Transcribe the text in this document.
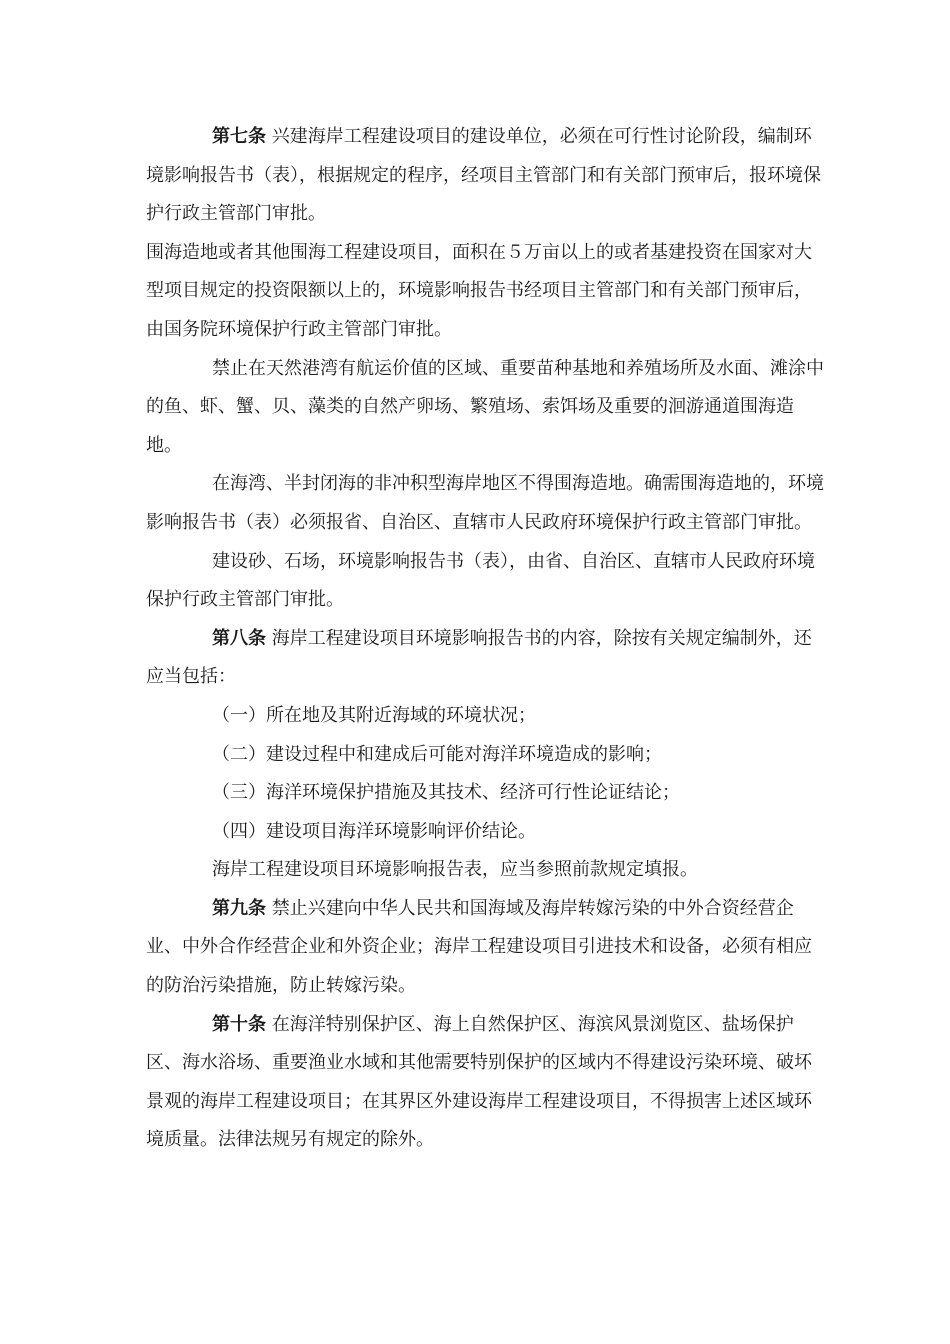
第七条 兴建海岸工程建设项目的建设单位，必须在可行性讨论阶段，编制环境影响报告书（表），根据规定的程序，经项目主管部门和有关部门预审后，报环境保护行政主管部门审批。

围海造地或者其他围海工程建设项目，面积在５万亩以上的或者基建投资在国家对大型项目规定的投资限额以上的，环境影响报告书经项目主管部门和有关部门预审后，由国务院环境保护行政主管部门审批。

禁止在天然港湾有航运价值的区域、重要苗种基地和养殖场所及水面、滩涂中的鱼、虾、蟹、贝、藻类的自然产卵场、繁殖场、索饵场及重要的洄游通道围海造地。

在海湾、半封闭海的非冲积型海岸地区不得围海造地。确需围海造地的，环境影响报告书（表）必须报省、自治区、直辖市人民政府环境保护行政主管部门审批。

建设砂、石场，环境影响报告书（表），由省、自治区、直辖市人民政府环境保护行政主管部门审批。

第八条 海岸工程建设项目环境影响报告书的内容，除按有关规定编制外，还应当包括：

（一）所在地及其附近海域的环境状况；

（二）建设过程中和建成后可能对海洋环境造成的影响；

（三）海洋环境保护措施及其技术、经济可行性论证结论；

（四）建设项目海洋环境影响评价结论。

海岸工程建设项目环境影响报告表，应当参照前款规定填报。

第九条 禁止兴建向中华人民共和国海域及海岸转嫁污染的中外合资经营企业、中外合作经营企业和外资企业；海岸工程建设项目引进技术和设备，必须有相应的防治污染措施，防止转嫁污染。

第十条 在海洋特别保护区、海上自然保护区、海滨风景浏览区、盐场保护区、海水浴场、重要渔业水域和其他需要特别保护的区域内不得建设污染环境、破坏景观的海岸工程建设项目；在其界区外建设海岸工程建设项目，不得损害上述区域环境质量。法律法规另有规定的除外。
